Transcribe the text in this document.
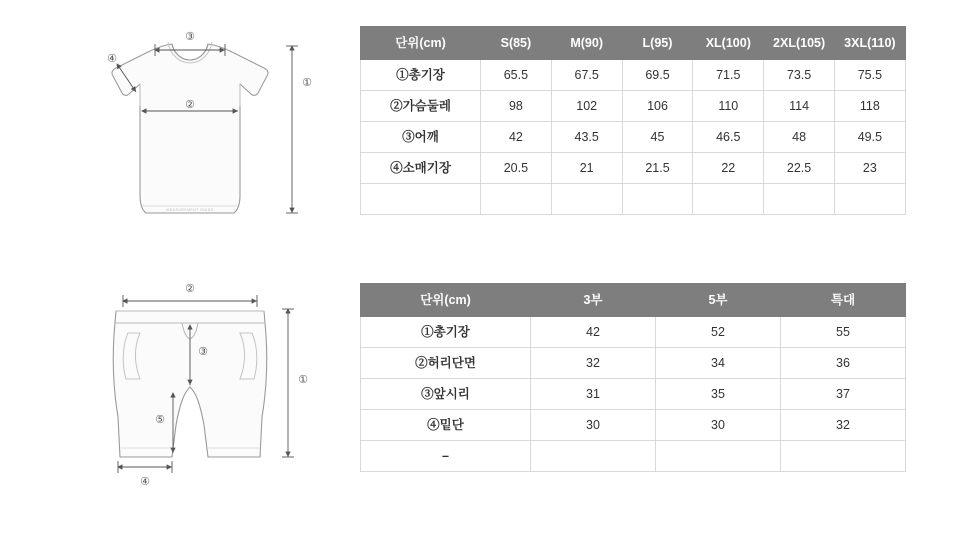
MEASUREMENT GUIDE
③
④
②
①
②
③
⑤
①
④
단위(cm)	S(85)	M(90)	L(95)	XL(100)	2XL(105)	3XL(110)
①총기장	65.5	67.5	69.5	71.5	73.5	75.5
②가슴둘레	98	102	106	110	114	118
③어깨	42	43.5	45	46.5	48	49.5
④소매기장	20.5	21	21.5	22	22.5	23

단위(cm)	3부	5부	특대
①총기장	42	52	55
②허리단면	32	34	36
③앞시리	31	35	37
④밑단	30	30	32
–			
